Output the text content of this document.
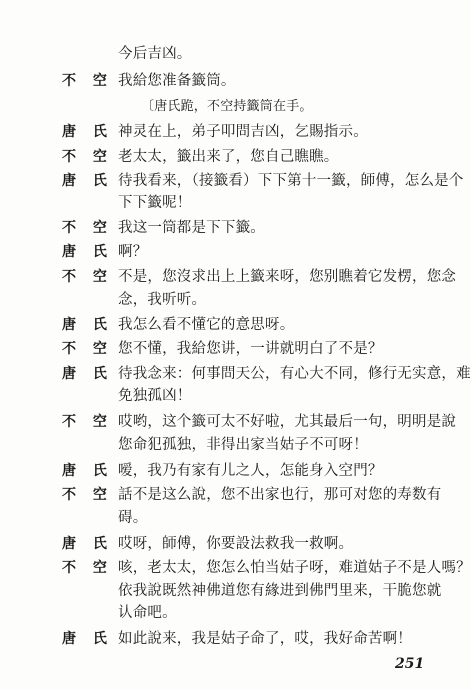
今后吉凶。
不 空 我給您准备籤筒。
〔唐氏跪，不空持籤筒在手。
唐 氏 神灵在上，弟子叩問吉凶，乞賜指示。
不 空 老太太，籤出来了，您自己瞧瞧。
唐 氏 待我看来，（接籤看）下下第十一籤，師傅，怎么是个
下下籤呢！
不 空 我这一筒都是下下籤。
唐 氏 啊？
不 空 不是，您沒求出上上籤来呀，您别瞧着它发楞，您念
念，我听听。
唐 氏 我怎么看不懂它的意思呀。
不 空 您不懂，我給您讲，一讲就明白了不是？
唐 氏 待我念来：何事問天公，有心大不同，修行无实意，难
免独孤凶！
不 空 哎哟，这个籤可太不好啦，尤其最后一句，明明是說
您命犯孤独，非得出家当姑子不可呀！
唐 氏 嗳，我乃有家有儿之人，怎能身入空門？
不 空 話不是这么說，您不出家也行，那可对您的寿数有
碍。
唐 氏 哎呀，師傅，你要設法救我一救啊。
不 空 咳，老太太，您怎么怕当姑子呀，难道姑子不是人嗎？
依我說既然神佛道您有緣进到佛門里来，干脆您就
认命吧。
唐 氏 如此說来，我是姑子命了，哎，我好命苦啊！
251
